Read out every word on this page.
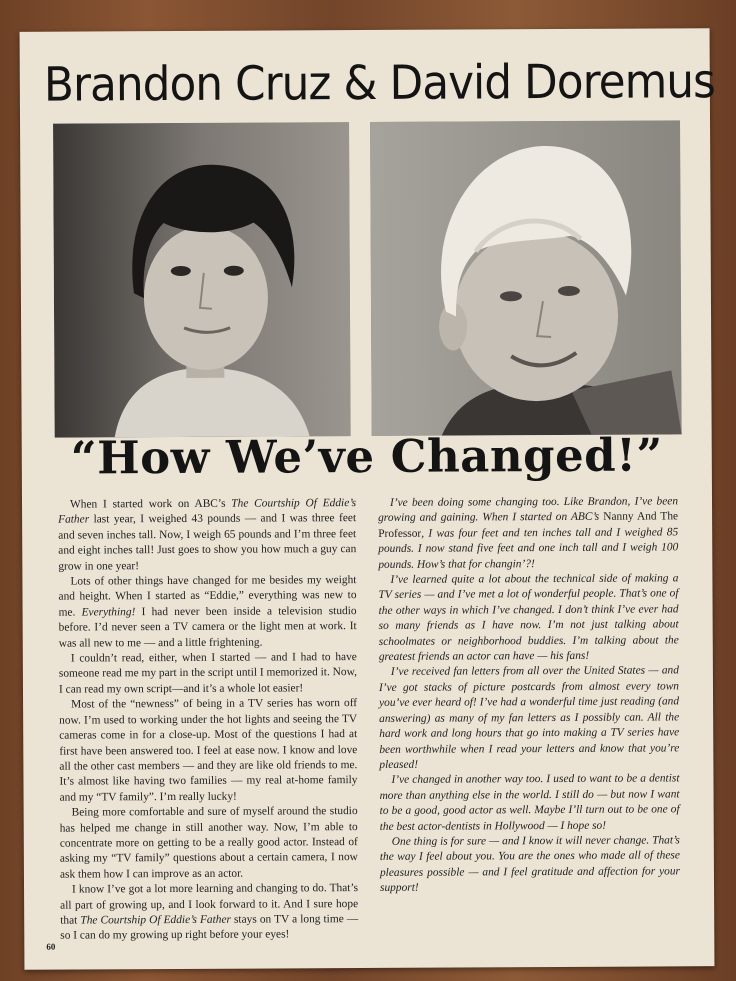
Brandon Cruz & David Doremus
“How We’ve Changed!”

When I started work on ABC’s The Courtship Of Eddie’s Father last year, I weighed 43 pounds — and I was three feet and seven inches tall. Now, I weigh 65 pounds and I’m three feet and eight inches tall! Just goes to show you how much a guy can grow in one year!

Lots of other things have changed for me besides my weight and height. When I started as “Eddie,” everything was new to me. Everything! I had never been inside a television studio before. I’d never seen a TV camera or the light men at work. It was all new to me — and a little frightening.

I couldn’t read, either, when I started — and I had to have someone read me my part in the script until I memorized it. Now, I can read my own script—and it’s a whole lot easier!

Most of the “newness” of being in a TV series has worn off now. I’m used to working under the hot lights and seeing the TV cameras come in for a close-up. Most of the questions I had at first have been answered too. I feel at ease now. I know and love all the other cast members — and they are like old friends to me. It’s almost like having two families — my real at-home family and my “TV family”. I’m really lucky!

Being more comfortable and sure of myself around the studio has helped me change in still another way. Now, I’m able to concentrate more on getting to be a really good actor. Instead of asking my “TV family” questions about a certain camera, I now ask them how I can improve as an actor.

I know I’ve got a lot more learning and changing to do. That’s all part of growing up, and I look forward to it. And I sure hope that The Courtship Of Eddie’s Father stays on TV a long time — so I can do my growing up right before your eyes!

I’ve been doing some changing too. Like Brandon, I’ve been growing and gaining. When I started on ABC’s Nanny And The Professor, I was four feet and ten inches tall and I weighed 85 pounds. I now stand five feet and one inch tall and I weigh 100 pounds. How’s that for changin’?!

I’ve learned quite a lot about the technical side of making a TV series — and I’ve met a lot of wonderful people. That’s one of the other ways in which I’ve changed. I don’t think I’ve ever had so many friends as I have now. I’m not just talking about schoolmates or neighborhood buddies. I’m talking about the greatest friends an actor can have — his fans!

I’ve received fan letters from all over the United States — and I’ve got stacks of picture postcards from almost every town you’ve ever heard of! I’ve had a wonderful time just reading (and answering) as many of my fan letters as I possibly can. All the hard work and long hours that go into making a TV series have been worthwhile when I read your letters and know that you’re pleased!

I’ve changed in another way too. I used to want to be a dentist more than anything else in the world. I still do — but now I want to be a good, good actor as well. Maybe I’ll turn out to be one of the best actor-dentists in Hollywood — I hope so!

One thing is for sure — and I know it will never change. That’s the way I feel about you. You are the ones who made all of these pleasures possible — and I feel gratitude and affection for your support!

60
